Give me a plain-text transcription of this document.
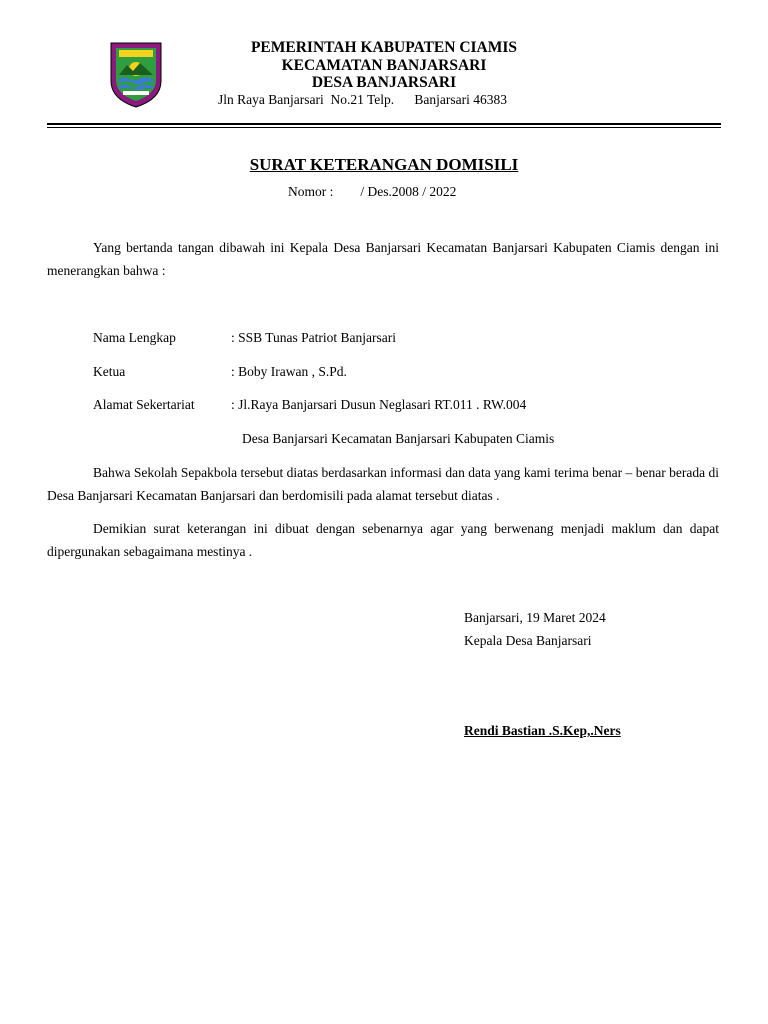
PEMERINTAH KABUPATEN CIAMIS
KECAMATAN BANJARSARI
DESA BANJARSARI
Jln Raya Banjarsari  No.21 Telp.      Banjarsari 46383
SURAT KETERANGAN DOMISILI
Nomor :        / Des.2008 / 2022
Yang bertanda tangan dibawah ini Kepala Desa Banjarsari Kecamatan Banjarsari Kabupaten Ciamis dengan ini menerangkan bahwa :
Nama Lengkap	: SSB Tunas Patriot Banjarsari
Ketua	: Boby Irawan , S.Pd.
Alamat Sekertariat	: Jl.Raya Banjarsari Dusun Neglasari RT.011 . RW.004
Desa Banjarsari Kecamatan Banjarsari Kabupaten Ciamis
Bahwa Sekolah Sepakbola tersebut diatas berdasarkan informasi dan data yang kami terima benar – benar berada di Desa Banjarsari Kecamatan Banjarsari dan berdomisili pada alamat tersebut diatas .
Demikian surat keterangan ini dibuat dengan sebenarnya agar yang berwenang menjadi maklum dan dapat dipergunakan sebagaimana mestinya .
Banjarsari, 19 Maret 2024
Kepala Desa Banjarsari
Rendi Bastian .S.Kep,.Ners
